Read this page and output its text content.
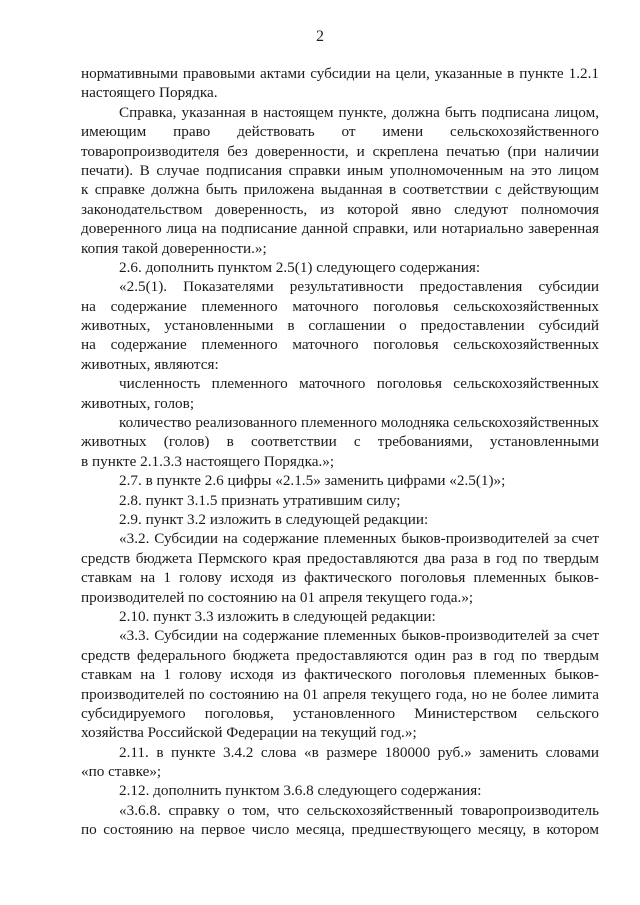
2
нормативными правовыми актами субсидии на цели, указанные в пункте 1.2.1
настоящего Порядка.
Справка, указанная в настоящем пункте, должна быть подписана лицом,
имеющим право действовать от имени сельскохозяйственного
товаропроизводителя без доверенности, и скреплена печатью (при наличии
печати). В случае подписания справки иным уполномоченным на это лицом
к справке должна быть приложена выданная в соответствии с действующим
законодательством доверенность, из которой явно следуют полномочия
доверенного лица на подписание данной справки, или нотариально заверенная
копия такой доверенности.»;
2.6. дополнить пунктом 2.5(1) следующего содержания:
«2.5(1). Показателями результативности предоставления субсидии
на содержание племенного маточного поголовья сельскохозяйственных
животных, установленными в соглашении о предоставлении субсидий
на содержание племенного маточного поголовья сельскохозяйственных
животных, являются:
численность племенного маточного поголовья сельскохозяйственных
животных, голов;
количество реализованного племенного молодняка сельскохозяйственных
животных (голов) в соответствии с требованиями, установленными
в пункте 2.1.3.3 настоящего Порядка.»;
2.7. в пункте 2.6 цифры «2.1.5» заменить цифрами «2.5(1)»;
2.8. пункт 3.1.5 признать утратившим силу;
2.9. пункт 3.2 изложить в следующей редакции:
«3.2. Субсидии на содержание племенных быков-производителей за счет
средств бюджета Пермского края предоставляются два раза в год по твердым
ставкам на 1 голову исходя из фактического поголовья племенных быков-
производителей по состоянию на 01 апреля текущего года.»;
2.10. пункт 3.3 изложить в следующей редакции:
«3.3. Субсидии на содержание племенных быков-производителей за счет
средств федерального бюджета предоставляются один раз в год по твердым
ставкам на 1 голову исходя из фактического поголовья племенных быков-
производителей по состоянию на 01 апреля текущего года, но не более лимита
субсидируемого поголовья, установленного Министерством сельского
хозяйства Российской Федерации на текущий год.»;
2.11. в пункте 3.4.2 слова «в размере 180000 руб.» заменить словами
«по ставке»;
2.12. дополнить пунктом 3.6.8 следующего содержания:
«3.6.8. справку о том, что сельскохозяйственный товаропроизводитель
по состоянию на первое число месяца, предшествующего месяцу, в котором
